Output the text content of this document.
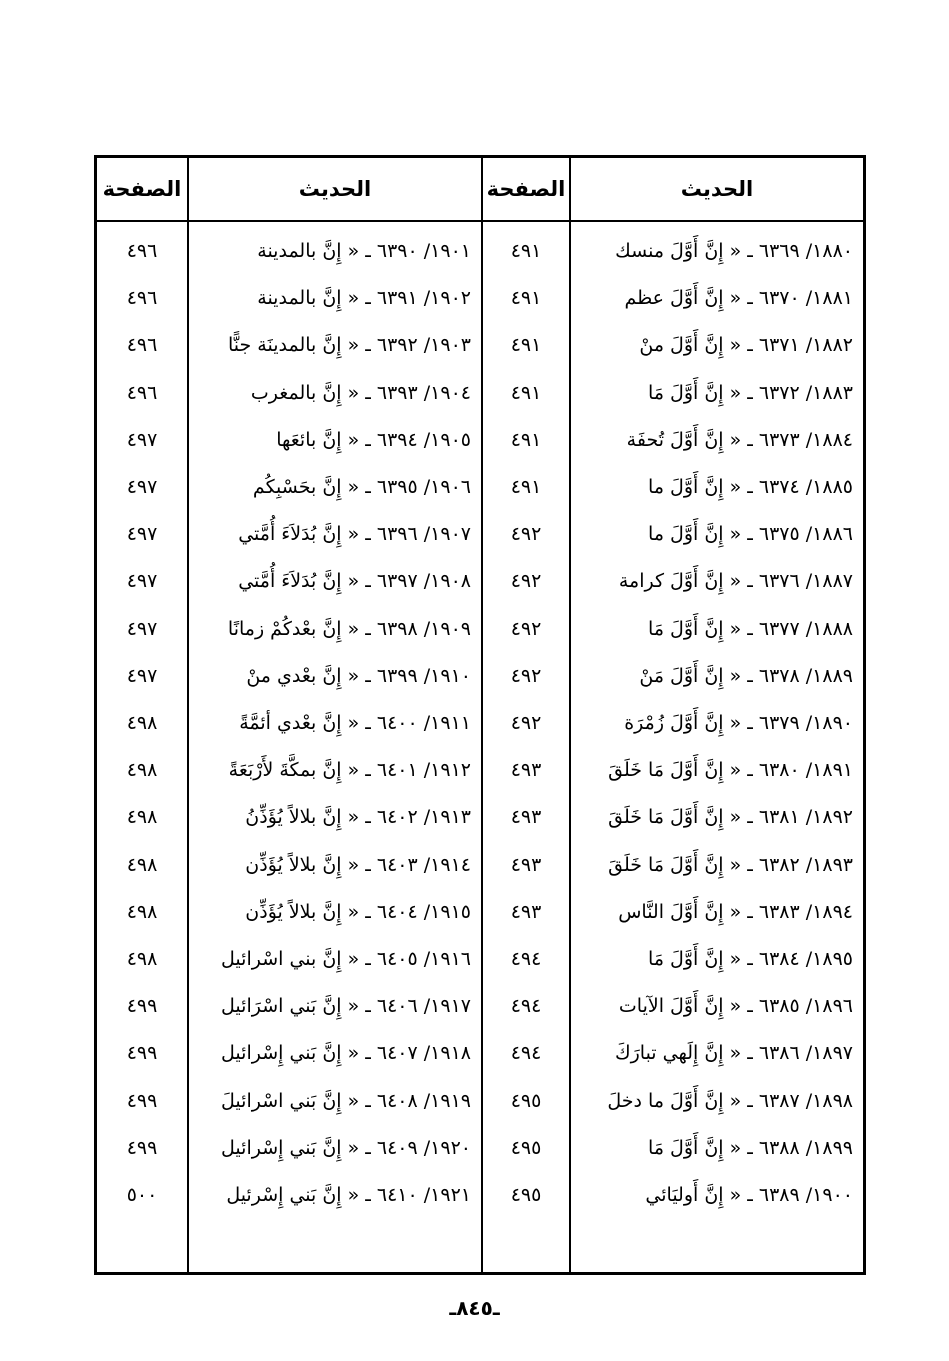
الحديث
الصفحة
الحديث
الصفحة
١٨٨٠/ ٦٣٦٩ ـ « إِنَّ أَوَّلَ منسك
٤٩١
١٨٨١/ ٦٣٧٠ ـ « إِنَّ أَوَّلَ عظم
٤٩١
١٨٨٢/ ٦٣٧١ ـ « إِنَّ أَوَّلَ منْ
٤٩١
١٨٨٣/ ٦٣٧٢ ـ « إِنَّ أَوَّلَ مَا
٤٩١
١٨٨٤/ ٦٣٧٣ ـ « إِنَّ أَوَّلَ تُحفَة
٤٩١
١٨٨٥/ ٦٣٧٤ ـ « إِنَّ أَوَّلَ ما
٤٩١
١٨٨٦/ ٦٣٧٥ ـ « إِنَّ أَوَّلَ ما
٤٩٢
١٨٨٧/ ٦٣٧٦ ـ « إِنَّ أَوَّلَ كرامة
٤٩٢
١٨٨٨/ ٦٣٧٧ ـ « إِنَّ أَوَّلَ مَا
٤٩٢
١٨٨٩/ ٦٣٧٨ ـ « إِنَّ أَوَّلَ مَنْ
٤٩٢
١٨٩٠/ ٦٣٧٩ ـ « إِنَّ أَوَّلَ زُمْرَة
٤٩٢
١٨٩١/ ٦٣٨٠ ـ « إِنَّ أَوَّلَ مَا خَلَقَ
٤٩٣
١٨٩٢/ ٦٣٨١ ـ « إِنَّ أَوَّلَ مَا خَلَقَ
٤٩٣
١٨٩٣/ ٦٣٨٢ ـ « إِنَّ أَوَّلَ مَا خَلَقَ
٤٩٣
١٨٩٤/ ٦٣٨٣ ـ « إِنَّ أَوَّلَ النَّاس
٤٩٣
١٨٩٥/ ٦٣٨٤ ـ « إِنَّ أَوَّلَ مَا
٤٩٤
١٨٩٦/ ٦٣٨٥ ـ « إِنَّ أَوَّلَ الآيات
٤٩٤
١٨٩٧/ ٦٣٨٦ ـ « إِنَّ إِلَهي تبارَكَ
٤٩٤
١٨٩٨/ ٦٣٨٧ ـ « إِنَّ أَوَّلَ ما دخلَ
٤٩٥
١٨٩٩/ ٦٣٨٨ ـ « إِنَّ أَوَّلَ مَا
٤٩٥
١٩٠٠/ ٦٣٨٩ ـ « إِنَّ أَوليَائي
٤٩٥
١٩٠١/ ٦٣٩٠ ـ « إِنَّ بالمدينة
٤٩٦
١٩٠٢/ ٦٣٩١ ـ « إِنَّ بالمدينة
٤٩٦
١٩٠٣/ ٦٣٩٢ ـ « إِنَّ بالمدينَة جنًّا
٤٩٦
١٩٠٤/ ٦٣٩٣ ـ « إِنَّ بالمغرب
٤٩٦
١٩٠٥/ ٦٣٩٤ ـ « إِنَّ بائعَها
٤٩٧
١٩٠٦/ ٦٣٩٥ ـ « إِنَّ بحَسْبِكُم
٤٩٧
١٩٠٧/ ٦٣٩٦ ـ « إِنَّ بُدَلاَءَ أُمَّتي
٤٩٧
١٩٠٨/ ٦٣٩٧ ـ « إِنَّ بُدَلاَءَ أُمَّتي
٤٩٧
١٩٠٩/ ٦٣٩٨ ـ « إِنَّ بعْدكُمْ زمانًا
٤٩٧
١٩١٠/ ٦٣٩٩ ـ « إِنَّ بعْدي منْ
٤٩٧
١٩١١/ ٦٤٠٠ ـ « إِنَّ بعْدي أئمَّةً
٤٩٨
١٩١٢/ ٦٤٠١ ـ « إِنَّ بمكَّةَ لأَرْبَعَةً
٤٩٨
١٩١٣/ ٦٤٠٢ ـ « إِنَّ بلالاً يُؤَذِّنُ
٤٩٨
١٩١٤/ ٦٤٠٣ ـ « إِنَّ بلالاً يُؤَذِّن
٤٩٨
١٩١٥/ ٦٤٠٤ ـ « إِنَّ بلالاً يُؤَذِّن
٤٩٨
١٩١٦/ ٦٤٠٥ ـ « إِنَّ بني اسْرائيل
٤٩٨
١٩١٧/ ٦٤٠٦ ـ « إِنَّ بَني اسْرَائيل
٤٩٩
١٩١٨/ ٦٤٠٧ ـ « إِنَّ بَني إِسْرائيل
٤٩٩
١٩١٩/ ٦٤٠٨ ـ « إِنَّ بَني اسْرائيلَ
٤٩٩
١٩٢٠/ ٦٤٠٩ ـ « إِنَّ بَني إِسْرائيل
٤٩٩
١٩٢١/ ٦٤١٠ ـ « إِنَّ بَني إِسْرئيل
٥٠٠
ـ٨٤٥ـ
